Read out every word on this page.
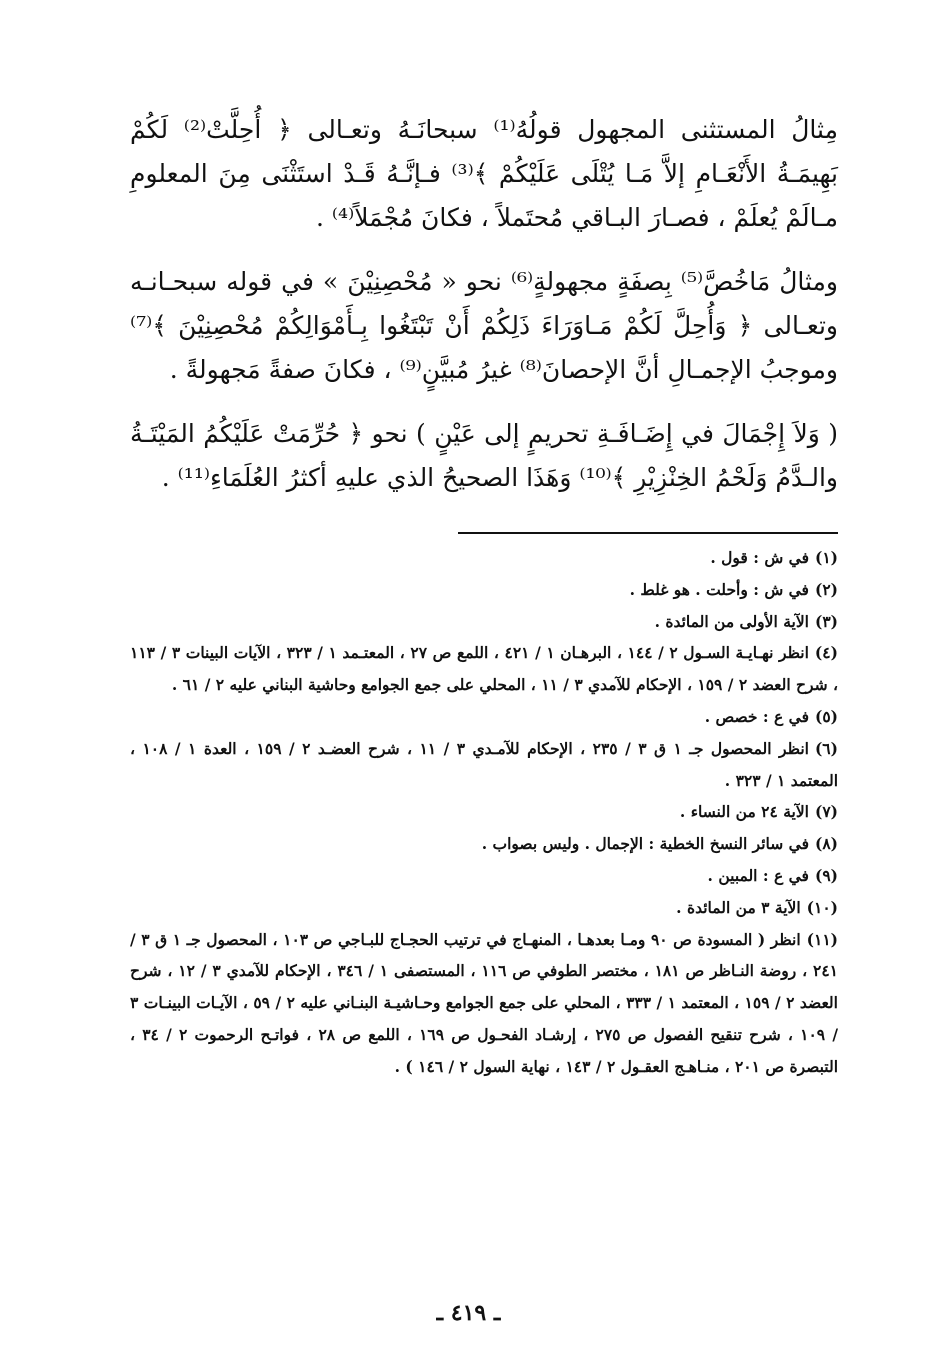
مِثالُ المستثنى المجهول قولُهُ⁽¹⁾ سبحانَـهُ وتعـالى ﴿ أُحِلَّتْ⁽²⁾ لَكُمْ بَهِيمَـةُ الأَنْعَـامِ إلاَّ مَـا يُتْلَى عَلَيْكُمْ ﴾⁽³⁾ فـإنَّـهُ قَـدْ استَثْنَى مِنَ المعلومِ مـالَمْ يُعلَمْ ، فصـارَ البـاقي مُحتَملاً ، فكانَ مُجْمَلاً⁽⁴⁾ .

ومثالُ مَاخُصَّ⁽⁵⁾ بِصفَةٍ مجهولةٍ⁽⁶⁾ نحو « مُحْصِنِيْنَ » في قوله سبحـانـه وتعـالى ﴿ وَأُحِلَّ لَكُمْ مَـاوَرَاءَ ذَلِكُمْ أَنْ تَبْتَغُوا بِـأَمْوَالِكُمْ مُحْصِنِيْنَ ﴾⁽⁷⁾ وموجبُ الإجمـالِ أنَّ الإحصانَ⁽⁸⁾ غيرُ مُبيَّنٍ⁽⁹⁾ ، فكانَ صفةً مَجهولةً .

( وَلاَ إِجْمَالَ في إِضَـافَـةِ تحريمٍ إلى عَيْنٍ ) نحو ﴿ حُرِّمَتْ عَلَيْكُمُ المَيْتَـةُ والـدَّمُ وَلَحْمُ الخِنْزِيْرِ ﴾⁽¹⁰⁾ وَهَذَا الصحيحُ الذي عليهِ أكثرُ العُلَمَاءِ⁽¹¹⁾ .

(١)في ش : قول .

(٢)في ش : وأحلت . هو غلط .

(٣)الآية الأولى من المائدة .

(٤)انظر نهـايـة السـول ٢ / ١٤٤ ، البرهـان ١ / ٤٢١ ، اللمع ص ٢٧ ، المعتـمد ١ / ٣٢٣ ، الآيات البينات ٣ / ١١٣ ، شرح العضد ٢ / ١٥٩ ، الإحكام للآمدي ٣ / ١١ ، المحلي على جمع الجوامع وحاشية البناني عليه ٢ / ٦١ .

(٥)في ع : خصص .

(٦)انظر المحصول جـ ١ ق ٣ / ٢٣٥ ، الإحكام للآمـدي ٣ / ١١ ، شرح العضـد ٢ / ١٥٩ ، العدة ١ / ١٠٨ ، المعتمد ١ / ٣٢٣ .

(٧)الآية ٢٤ من النساء .

(٨)في سائر النسخ الخطية : الإجمال . وليس بصواب .

(٩)في ع : المبين .

(١٠)الآية ٣ من المائدة .

(١١)انظر ( المسودة ص ٩٠ ومـا بعدهـا ، المنهـاج في ترتيب الحجـاج للبـاجي ص ١٠٣ ، المحصول جـ ١ ق ٣ / ٢٤١ ، روضة النـاظر ص ١٨١ ، مختصر الطوفي ص ١١٦ ، المستصفى ١ / ٣٤٦ ، الإحكام للآمدي ٣ / ١٢ ، شرح العضد ٢ / ١٥٩ ، المعتمد ١ / ٣٣٣ ، المحلي على جمع الجوامع وحـاشيـة البنـاني عليه ٢ / ٥٩ ، الآيـات البينـات ٣ / ١٠٩ ، شرح تنقيح الفصول ص ٢٧٥ ، إرشـاد الفحـول ص ١٦٩ ، اللمع ص ٢٨ ، فواتـح الرحموت ٢ / ٣٤ ، التبصرة ص ٢٠١ ، منـاهـج العقـول ٢ / ١٤٣ ، نهاية السول ٢ / ١٤٦ ) .

ـ ٤١٩ ـ
